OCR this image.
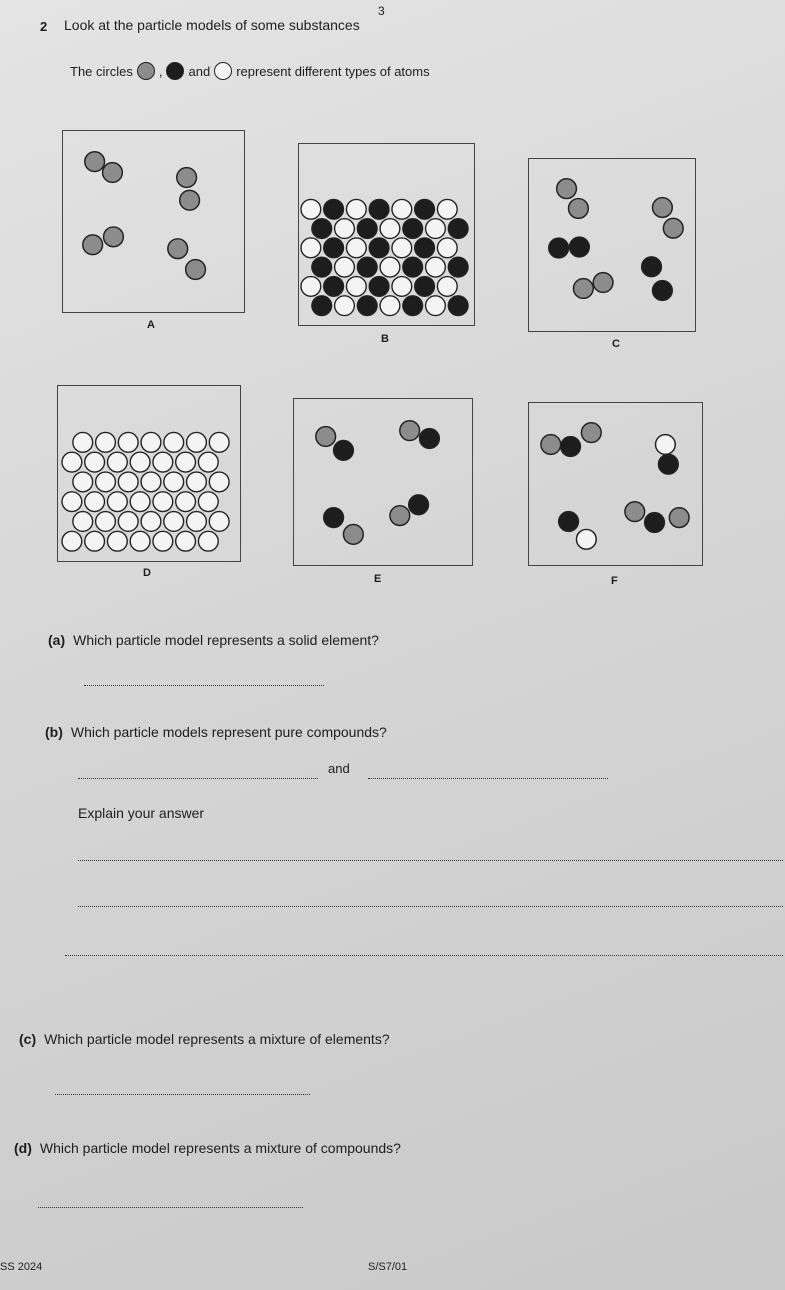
3
2 Look at the particle models of some substances
The circles , and represent different types of atoms
A
B	C
D	E	F
(a) Which particle model represents a solid element?
(b) Which particle models represent pure compounds?
and
Explain your answer
(c) Which particle model represents a mixture of elements?
(d) Which particle model represents a mixture of compounds?
SS 2024	S/S7/01
